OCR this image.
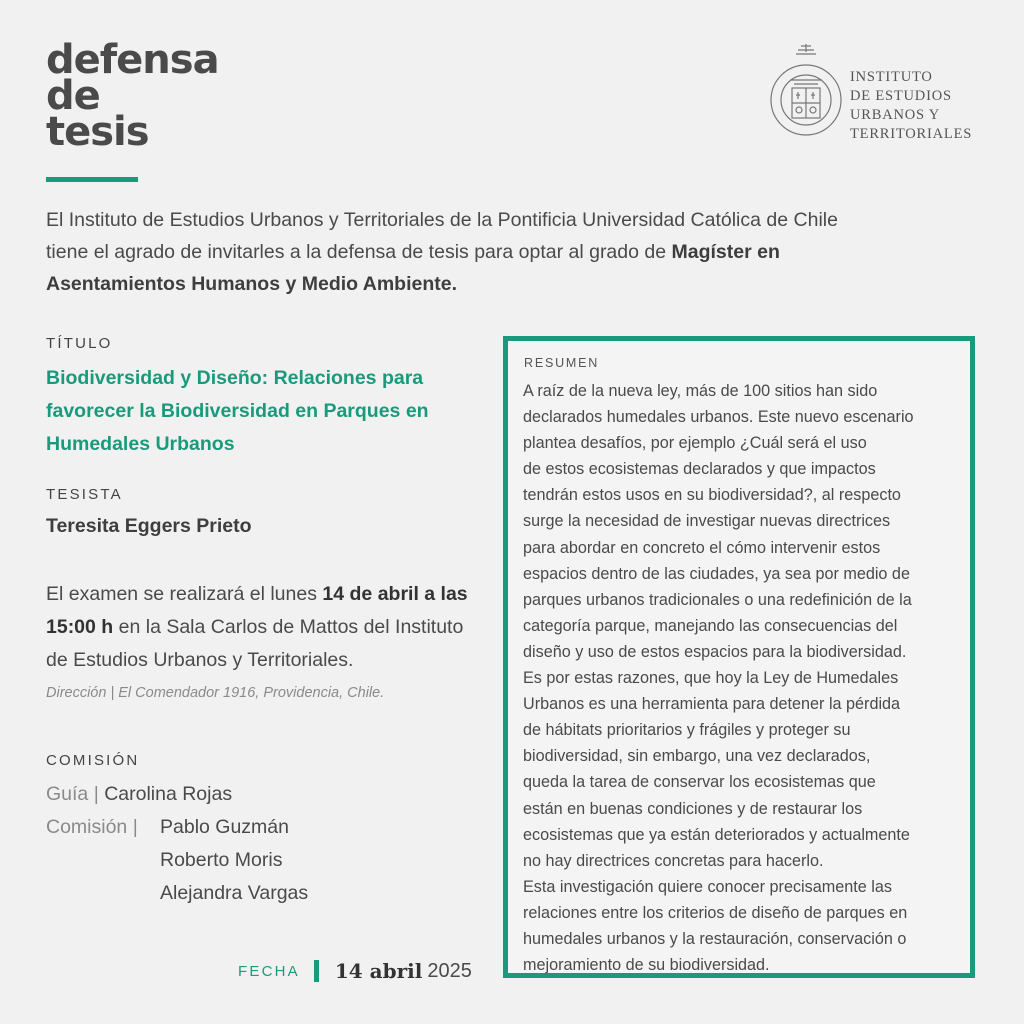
defensa
de
tesis
INSTITUTO
DE ESTUDIOS
URBANOS Y
TERRITORIALES
El Instituto de Estudios Urbanos y Territoriales de la Pontificia Universidad Católica de Chile tiene el agrado de invitarles a la defensa de tesis para optar al grado de Magíster en Asentamientos Humanos y Medio Ambiente.
TÍTULO
Biodiversidad y Diseño: Relaciones para favorecer la Biodiversidad en Parques en Humedales Urbanos
TESISTA
Teresita Eggers Prieto
El examen se realizará el lunes 14 de abril a las 15:00 h en la Sala Carlos de Mattos del Instituto de Estudios Urbanos y Territoriales.
Dirección | El Comendador 1916, Providencia, Chile.
COMISIÓN
Guía | Carolina Rojas
Comisión | Pablo Guzmán
Roberto Moris
Alejandra Vargas
FECHA 14 abril 2025
RESUMEN
A raíz de la nueva ley, más de 100 sitios han sido
declarados humedales urbanos. Este nuevo escenario
plantea desafíos, por ejemplo ¿Cuál será el uso
de estos ecosistemas declarados y que impactos
tendrán estos usos en su biodiversidad?, al respecto
surge la necesidad de investigar nuevas directrices
para abordar en concreto el cómo intervenir estos
espacios dentro de las ciudades, ya sea por medio de
parques urbanos tradicionales o una redefinición de la
categoría parque, manejando las consecuencias del
diseño y uso de estos espacios para la biodiversidad.
Es por estas razones, que hoy la Ley de Humedales
Urbanos es una herramienta para detener la pérdida
de hábitats prioritarios y frágiles y proteger su
biodiversidad, sin embargo, una vez declarados,
queda la tarea de conservar los ecosistemas que
están en buenas condiciones y de restaurar los
ecosistemas que ya están deteriorados y actualmente
no hay directrices concretas para hacerlo.
Esta investigación quiere conocer precisamente las
relaciones entre los criterios de diseño de parques en
humedales urbanos y la restauración, conservación o
mejoramiento de su biodiversidad.
